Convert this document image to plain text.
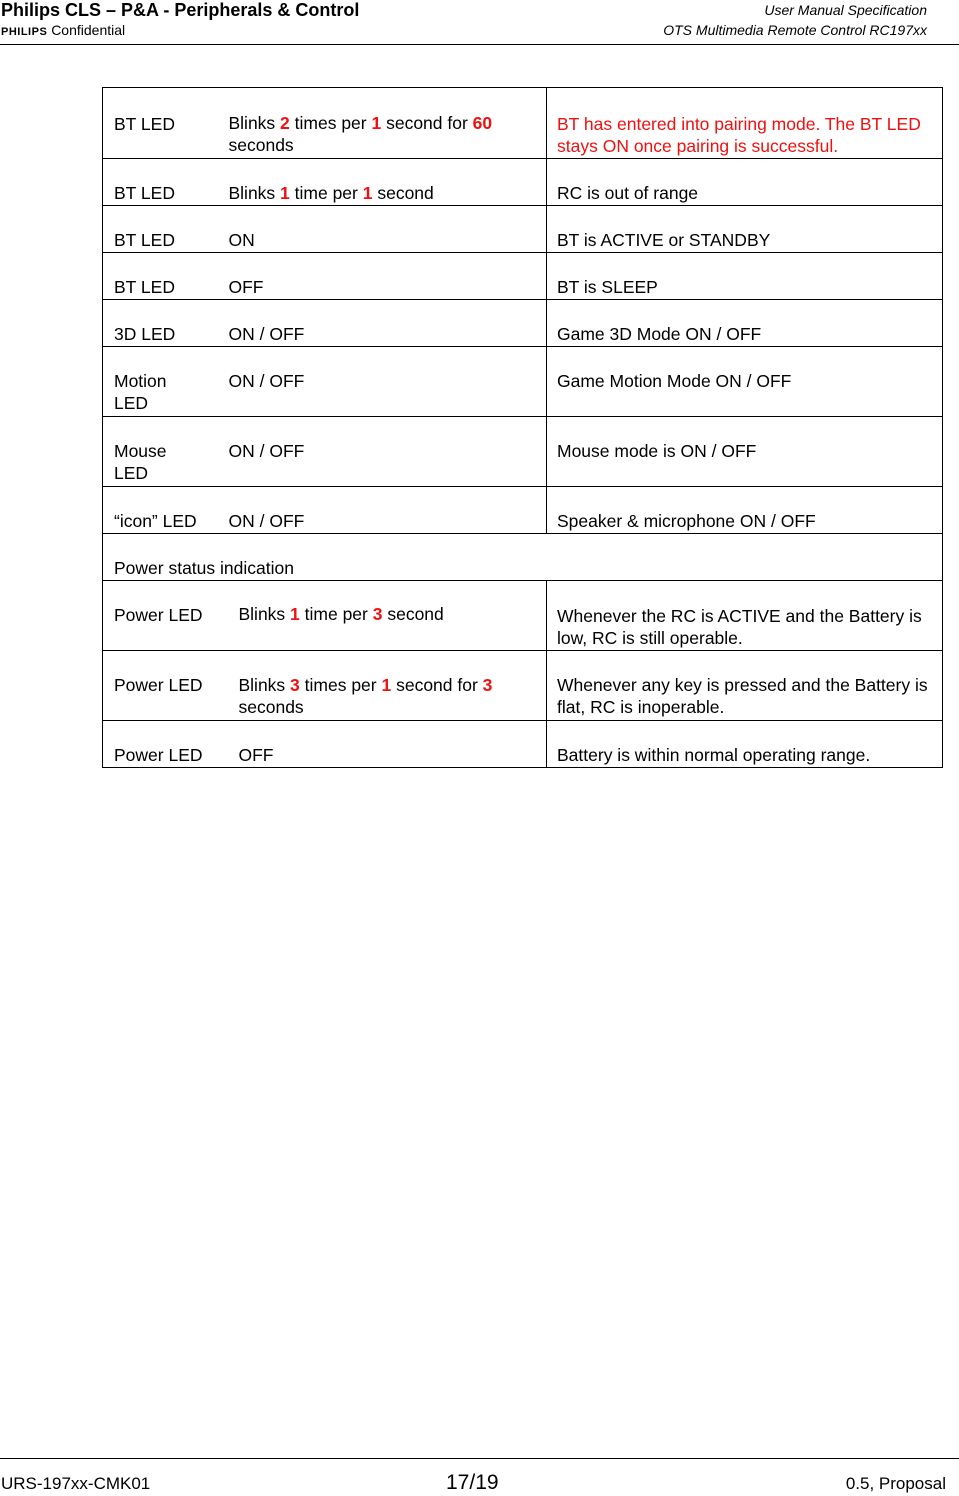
Philips CLS – P&A - Peripherals & Control
PHILIPS Confidential
User Manual Specification
OTS Multimedia Remote Control RC197xx
BT LED	Blinks 2 times per 1 second for 60 seconds	BT has entered into pairing mode. The BT LED stays ON once pairing is successful.
BT LED	Blinks 1 time per 1 second	RC is out of range
BT LED	ON	BT is ACTIVE or STANDBY
BT LED	OFF	BT is SLEEP
3D LED	ON / OFF	Game 3D Mode ON / OFF
Motion LED	ON / OFF	Game Motion Mode ON / OFF
Mouse LED	ON / OFF	Mouse mode is ON / OFF
“icon” LED	ON / OFF	Speaker & microphone ON / OFF
Power status indication		
Power LED	Blinks 1 time per 3 second	Whenever the RC is ACTIVE and the Battery is low, RC is still operable.
Power LED	Blinks 3 times per 1 second for 3 seconds	Whenever any key is pressed and the Battery is flat, RC is inoperable.
Power LED	OFF	Battery is within normal operating range.
URS-197xx-CMK01	17/19	0.5, Proposal
